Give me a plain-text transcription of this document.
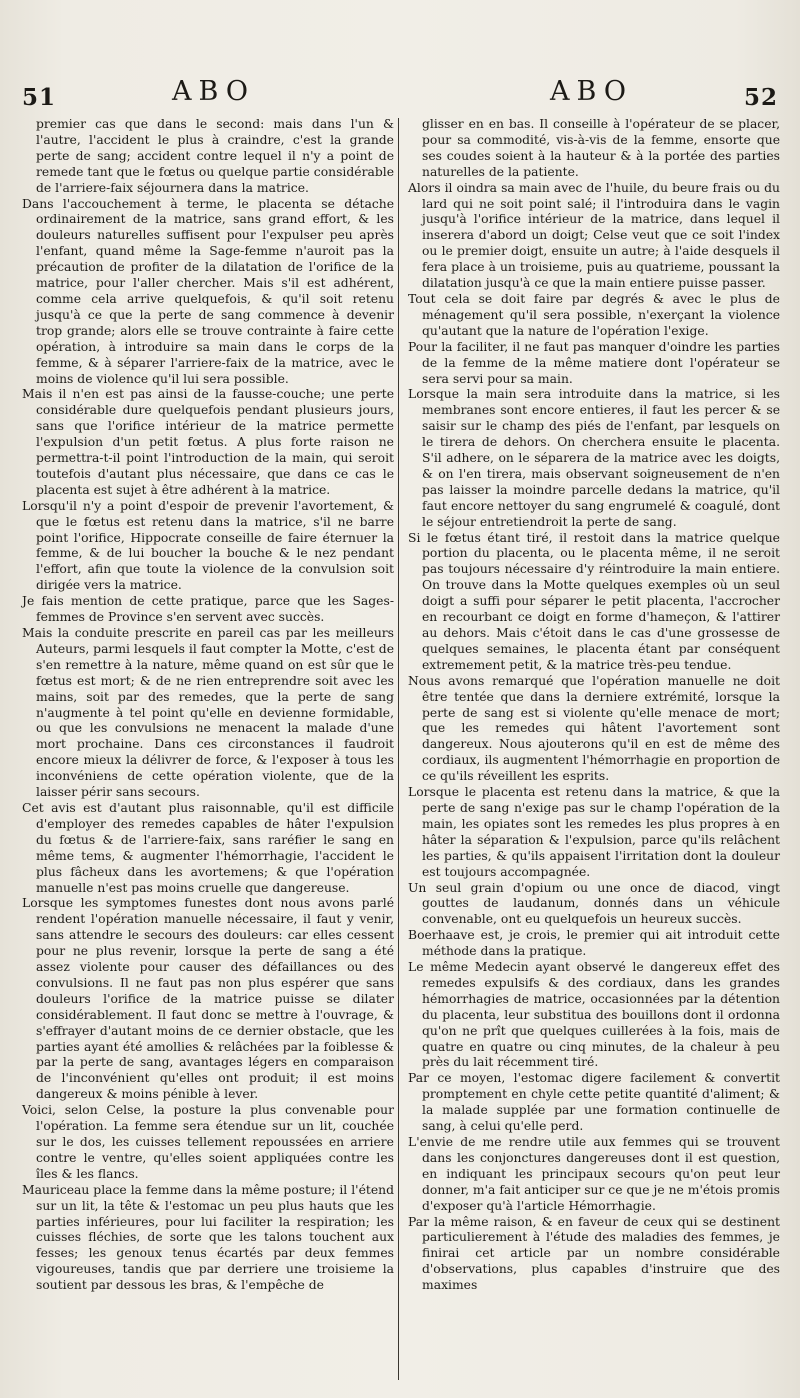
51	ABO	ABO	52

premier cas que dans le second: mais dans l'un & l'autre, l'accident le plus à craindre, c'est la grande perte de sang; accident contre lequel il n'y a point de remede tant que le fœtus ou quelque partie considérable de l'arriere-faix séjournera dans la matrice.

Dans l'accouchement à terme, le placenta se détache ordinairement de la matrice, sans grand effort, & les douleurs naturelles suffisent pour l'expulser peu après l'enfant, quand même la Sage-femme n'auroit pas la précaution de profiter de la dilatation de l'orifice de la matrice, pour l'aller chercher. Mais s'il est adhérent, comme cela arrive quelquefois, & qu'il soit retenu jusqu'à ce que la perte de sang commence à devenir trop grande; alors elle se trouve contrainte à faire cette opération, à introduire sa main dans le corps de la femme, & à séparer l'arriere-faix de la matrice, avec le moins de violence qu'il lui sera possible.

Mais il n'en est pas ainsi de la fausse-couche; une perte considérable dure quelquefois pendant plusieurs jours, sans que l'orifice intérieur de la matrice permette l'expulsion d'un petit fœtus. A plus forte raison ne permettra-t-il point l'introduction de la main, qui seroit toutefois d'autant plus nécessaire, que dans ce cas le placenta est sujet à être adhérent à la matrice.

Lorsqu'il n'y a point d'espoir de prevenir l'avortement, & que le fœtus est retenu dans la matrice, s'il ne barre point l'orifice, Hippocrate conseille de faire éternuer la femme, & de lui boucher la bouche & le nez pendant l'effort, afin que toute la violence de la convulsion soit dirigée vers la matrice.

Je fais mention de cette pratique, parce que les Sages-femmes de Province s'en servent avec succès.

Mais la conduite prescrite en pareil cas par les meilleurs Auteurs, parmi lesquels il faut compter la Motte, c'est de s'en remettre à la nature, même quand on est sûr que le fœtus est mort; & de ne rien entreprendre soit avec les mains, soit par des remedes, que la perte de sang n'augmente à tel point qu'elle en devienne formidable, ou que les convulsions ne menacent la malade d'une mort prochaine. Dans ces circonstances il faudroit encore mieux la délivrer de force, & l'exposer à tous les inconvéniens de cette opération violente, que de la laisser périr sans secours.

Cet avis est d'autant plus raisonnable, qu'il est difficile d'employer des remedes capables de hâter l'expulsion du fœtus & de l'arriere-faix, sans raréfier le sang en même tems, & augmenter l'hémorrhagie, l'accident le plus fâcheux dans les avortemens; & que l'opération manuelle n'est pas moins cruelle que dangereuse.

Lorsque les symptomes funestes dont nous avons parlé rendent l'opération manuelle nécessaire, il faut y venir, sans attendre le secours des douleurs: car elles cessent pour ne plus revenir, lorsque la perte de sang a été assez violente pour causer des défaillances ou des convulsions. Il ne faut pas non plus espérer que sans douleurs l'orifice de la matrice puisse se dilater considérablement. Il faut donc se mettre à l'ouvrage, & s'effrayer d'autant moins de ce dernier obstacle, que les parties ayant été amollies & relâchées par la foiblesse & par la perte de sang, avantages légers en comparaison de l'inconvénient qu'elles ont produit; il est moins dangereux & moins pénible à lever.

Voici, selon Celse, la posture la plus convenable pour l'opération. La femme sera étendue sur un lit, couchée sur le dos, les cuisses tellement repoussées en arriere contre le ventre, qu'elles soient appliquées contre les îles & les flancs.

Mauriceau place la femme dans la même posture; il l'étend sur un lit, la tête & l'estomac un peu plus hauts que les parties inférieures, pour lui faciliter la respiration; les cuisses fléchies, de sorte que les talons touchent aux fesses; les genoux tenus écartés par deux femmes vigoureuses, tandis que par derriere une troisieme la soutient par dessous les bras, & l'empêche de

glisser en en bas. Il conseille à l'opérateur de se placer, pour sa commodité, vis-à-vis de la femme, ensorte que ses coudes soient à la hauteur & à la portée des parties naturelles de la patiente.

Alors il oindra sa main avec de l'huile, du beure frais ou du lard qui ne soit point salé; il l'introduira dans le vagin jusqu'à l'orifice intérieur de la matrice, dans lequel il inserera d'abord un doigt; Celse veut que ce soit l'index ou le premier doigt, ensuite un autre; à l'aide desquels il fera place à un troisieme, puis au quatrieme, poussant la dilatation jusqu'à ce que la main entiere puisse passer.

Tout cela se doit faire par degrés & avec le plus de ménagement qu'il sera possible, n'exerçant la violence qu'autant que la nature de l'opération l'exige.

Pour la faciliter, il ne faut pas manquer d'oindre les parties de la femme de la même matiere dont l'opérateur se sera servi pour sa main.

Lorsque la main sera introduite dans la matrice, si les membranes sont encore entieres, il faut les percer & se saisir sur le champ des piés de l'enfant, par lesquels on le tirera de dehors. On cherchera ensuite le placenta. S'il adhere, on le séparera de la matrice avec les doigts, & on l'en tirera, mais observant soigneusement de n'en pas laisser la moindre parcelle dedans la matrice, qu'il faut encore nettoyer du sang engrumelé & coagulé, dont le séjour entretiendroit la perte de sang.

Si le fœtus étant tiré, il restoit dans la matrice quelque portion du placenta, ou le placenta même, il ne seroit pas toujours nécessaire d'y réintroduire la main entiere. On trouve dans la Motte quelques exemples où un seul doigt a suffi pour séparer le petit placenta, l'accrocher en recourbant ce doigt en forme d'hameçon, & l'attirer au dehors. Mais c'étoit dans le cas d'une grossesse de quelques semaines, le placenta étant par conséquent extremement petit, & la matrice très-peu tendue.

Nous avons remarqué que l'opération manuelle ne doit être tentée que dans la derniere extrémité, lorsque la perte de sang est si violente qu'elle menace de mort; que les remedes qui hâtent l'avortement sont dangereux. Nous ajouterons qu'il en est de même des cordiaux, ils augmentent l'hémorrhagie en proportion de ce qu'ils réveillent les esprits.

Lorsque le placenta est retenu dans la matrice, & que la perte de sang n'exige pas sur le champ l'opération de la main, les opiates sont les remedes les plus propres à en hâter la séparation & l'expulsion, parce qu'ils relâchent les parties, & qu'ils appaisent l'irritation dont la douleur est toujours accompagnée.

Un seul grain d'opium ou une once de diacod, vingt gouttes de laudanum, donnés dans un véhicule convenable, ont eu quelquefois un heureux succès.

Boerhaave est, je crois, le premier qui ait introduit cette méthode dans la pratique.

Le même Medecin ayant observé le dangereux effet des remedes expulsifs & des cordiaux, dans les grandes hémorrhagies de matrice, occasionnées par la détention du placenta, leur substitua des bouillons dont il ordonna qu'on ne prît que quelques cuillerées à la fois, mais de quatre en quatre ou cinq minutes, de la chaleur à peu près du lait récemment tiré.

Par ce moyen, l'estomac digere facilement & convertit promptement en chyle cette petite quantité d'aliment; & la malade supplée par une formation continuelle de sang, à celui qu'elle perd.

L'envie de me rendre utile aux femmes qui se trouvent dans les conjonctures dangereuses dont il est question, en indiquant les principaux secours qu'on peut leur donner, m'a fait anticiper sur ce que je ne m'étois promis d'exposer qu'à l'article Hémorrhagie.

Par la même raison, & en faveur de ceux qui se destinent particulierement à l'étude des maladies des femmes, je finirai cet article par un nombre considérable d'observations, plus capables d'instruire que des maximes
